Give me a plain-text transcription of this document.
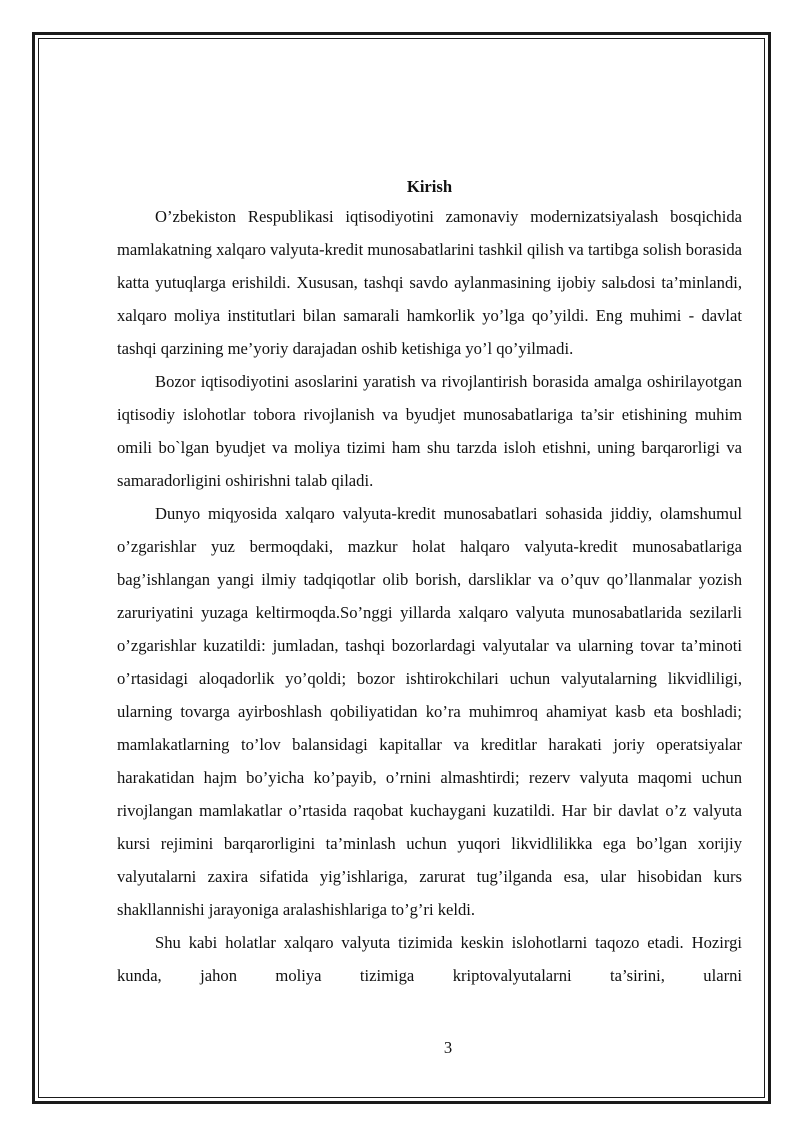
Kirish

O’zbekiston Respublikasi iqtisodiyotini zamonaviy modernizatsiyalash bosqichida mamlakatning xalqaro valyuta-kredit munosabatlarini tashkil qilish va tartibga solish borasida katta yutuqlarga erishildi. Xususan, tashqi savdo aylanmasining ijobiy salьdosi ta’minlandi, xalqaro moliya institutlari bilan samarali hamkorlik yo’lga qo’yildi. Eng muhimi - davlat tashqi qarzining me’yoriy darajadan oshib ketishiga yo’l qo’yilmadi.

Bozor iqtisodiyotini asoslarini yaratish va rivojlantirish borasida amalga oshirilayotgan iqtisodiy islohotlar tobora rivojlanish va byudjet munosabatlariga ta’sir etishining muhim omili bo`lgan byudjet va moliya tizimi ham shu tarzda isloh etishni, uning barqarorligi va samaradorligini oshirishni talab qiladi.

Dunyo miqyosida xalqaro valyuta-kredit munosabatlari sohasida jiddiy, olamshumul o’zgarishlar yuz bermoqdaki, mazkur holat halqaro valyuta-kredit munosabatlariga bag’ishlangan yangi ilmiy tadqiqotlar olib borish, darsliklar va o’quv qo’llanmalar yozish zaruriyatini yuzaga keltirmoqda.So’nggi yillarda xalqaro valyuta munosabatlarida sezilarli o’zgarishlar kuzatildi: jumladan, tashqi bozorlardagi valyutalar va ularning tovar ta’minoti o’rtasidagi aloqadorlik yo’qoldi; bozor ishtirokchilari uchun valyutalarning likvidliligi, ularning tovarga ayirboshlash qobiliyatidan ko’ra muhimroq ahamiyat kasb eta boshladi; mamlakatlarning to’lov balansidagi kapitallar va kreditlar harakati joriy operatsiyalar harakatidan hajm bo’yicha ko’payib, o’rnini almashtirdi; rezerv valyuta maqomi uchun rivojlangan mamlakatlar o’rtasida raqobat kuchaygani kuzatildi. Har bir davlat o’z valyuta kursi rejimini barqarorligini ta’minlash uchun yuqori likvidlilikka ega bo’lgan xorijiy valyutalarni zaxira sifatida yig’ishlariga, zarurat tug’ilganda esa, ular hisobidan kurs shakllannishi jarayoniga aralashishlariga to’g’ri keldi.

Shu kabi holatlar xalqaro valyuta tizimida keskin islohotlarni taqozo etadi. Hozirgi kunda, jahon moliya tizimiga kriptovalyutalarni ta’sirini, ularni

3
